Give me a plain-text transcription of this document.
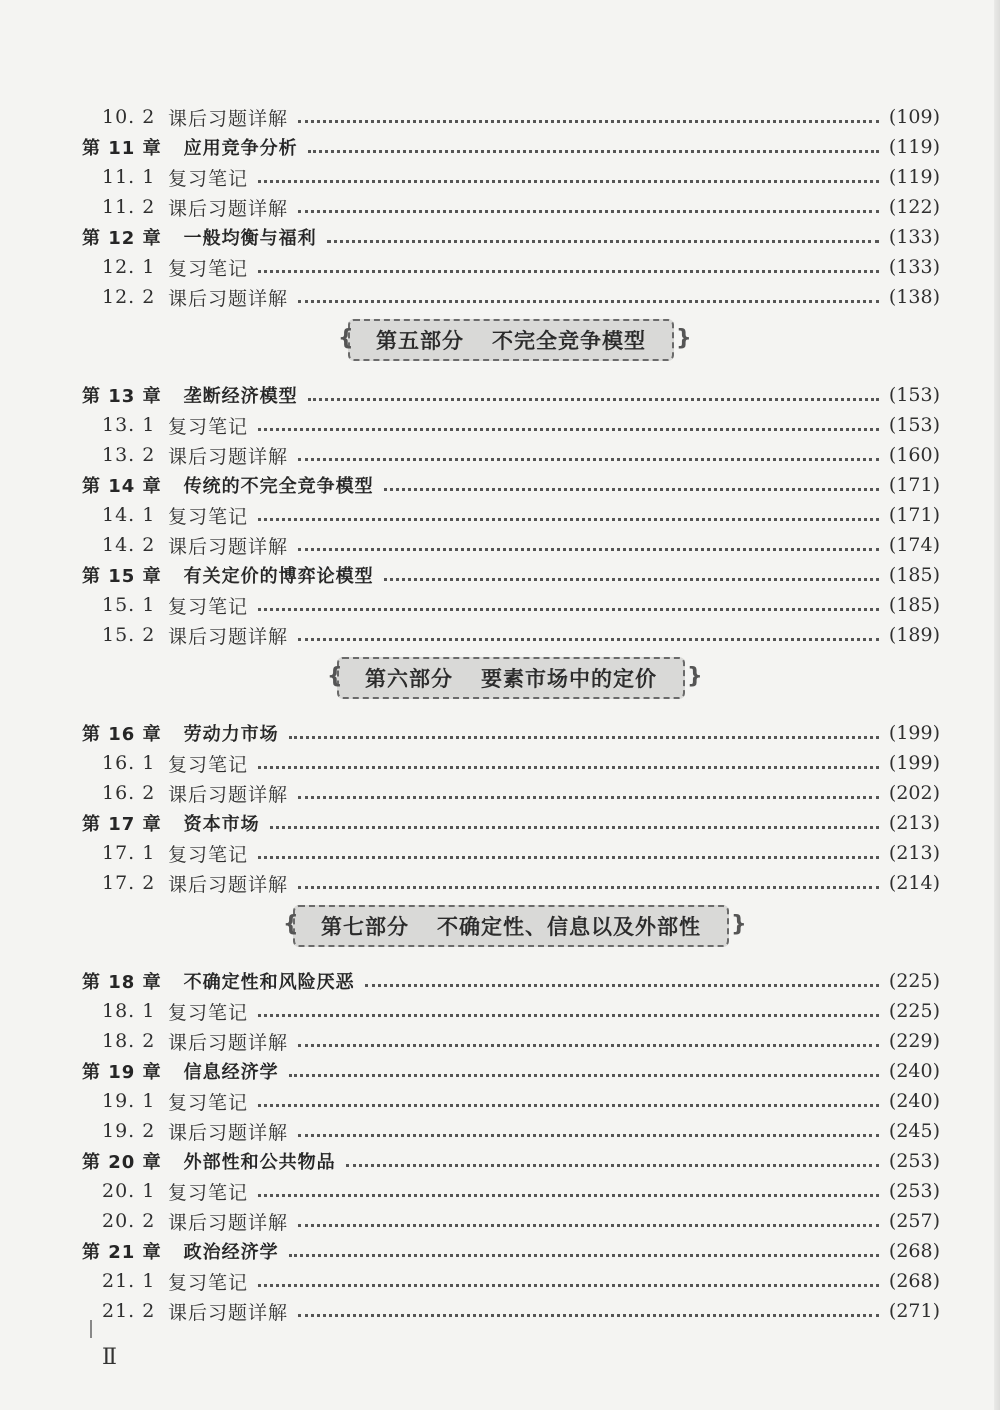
10. 2 课后习题详解	(109)
第 11 章 应用竞争分析	(119)
11. 1 复习笔记	(119)
11. 2 课后习题详解	(122)
第 12 章 一般均衡与福利	(133)
12. 1 复习笔记	(133)
12. 2 课后习题详解	(138)
{ 第五部分 不完全竞争模型 }
第 13 章 垄断经济模型	(153)
13. 1 复习笔记	(153)
13. 2 课后习题详解	(160)
第 14 章 传统的不完全竞争模型	(171)
14. 1 复习笔记	(171)
14. 2 课后习题详解	(174)
第 15 章 有关定价的博弈论模型	(185)
15. 1 复习笔记	(185)
15. 2 课后习题详解	(189)
{ 第六部分 要素市场中的定价 }
第 16 章 劳动力市场	(199)
16. 1 复习笔记	(199)
16. 2 课后习题详解	(202)
第 17 章 资本市场	(213)
17. 1 复习笔记	(213)
17. 2 课后习题详解	(214)
{ 第七部分 不确定性、信息以及外部性 }
第 18 章 不确定性和风险厌恶	(225)
18. 1 复习笔记	(225)
18. 2 课后习题详解	(229)
第 19 章 信息经济学	(240)
19. 1 复习笔记	(240)
19. 2 课后习题详解	(245)
第 20 章 外部性和公共物品	(253)
20. 1 复习笔记	(253)
20. 2 课后习题详解	(257)
第 21 章 政治经济学	(268)
21. 1 复习笔记	(268)
21. 2 课后习题详解	(271)
Ⅱ
